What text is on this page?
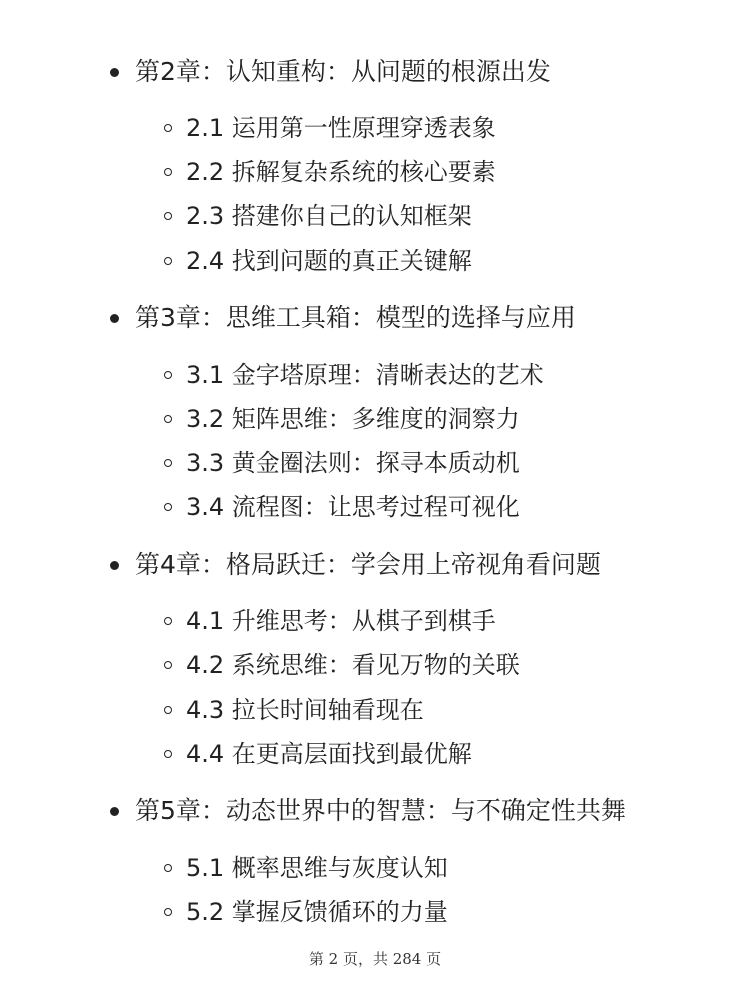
第2章：认知重构：从问题的根源出发
2.1 运用第一性原理穿透表象
2.2 拆解复杂系统的核心要素
2.3 搭建你自己的认知框架
2.4 找到问题的真正关键解
第3章：思维工具箱：模型的选择与应用
3.1 金字塔原理：清晰表达的艺术
3.2 矩阵思维：多维度的洞察力
3.3 黄金圈法则：探寻本质动机
3.4 流程图：让思考过程可视化
第4章：格局跃迁：学会用上帝视角看问题
4.1 升维思考：从棋子到棋手
4.2 系统思维：看见万物的关联
4.3 拉长时间轴看现在
4.4 在更高层面找到最优解
第5章：动态世界中的智慧：与不确定性共舞
5.1 概率思维与灰度认知
5.2 掌握反馈循环的力量
第 2 页，共 284 页
